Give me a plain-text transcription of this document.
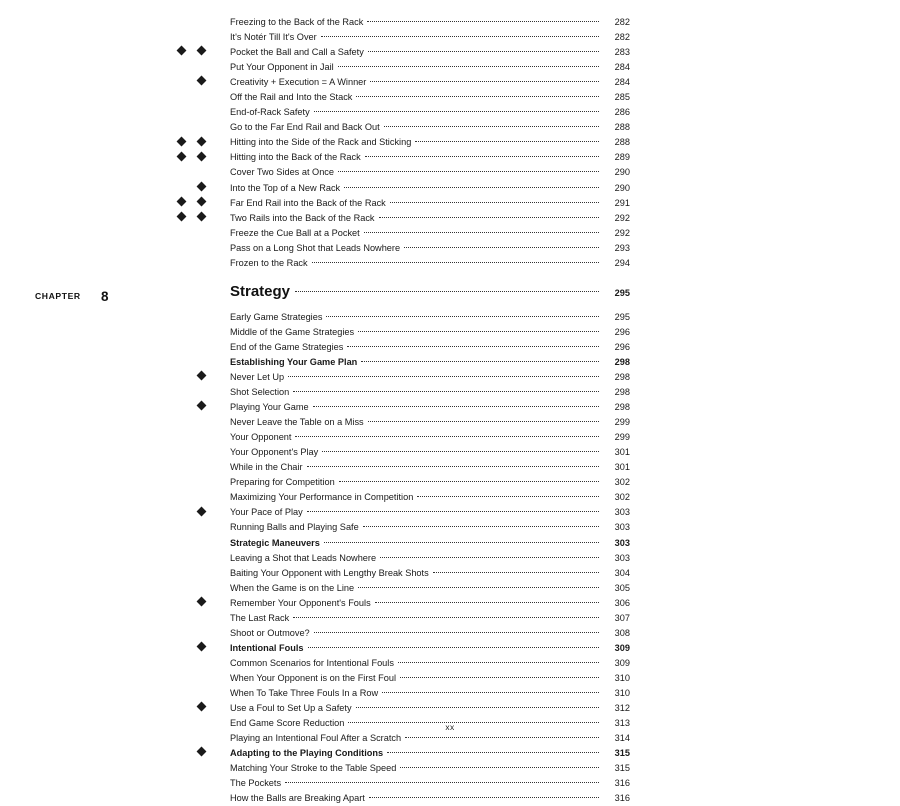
Freezing to the Back of the Rack	282
It's Notér Till It's Over	282
Pocket the Ball and Call a Safety	283
Put Your Opponent in Jail	284
Creativity + Execution = A Winner	284
Off the Rail and Into the Stack	285
End-of-Rack Safety	286
Go to the Far End Rail and Back Out	288
Hitting into the Side of the Rack and Sticking	288
Hitting into the Back of the Rack	289
Cover Two Sides at Once	290
Into the Top of a New Rack	290
Far End Rail into the Back of the Rack	291
Two Rails into the Back of the Rack	292
Freeze the Cue Ball at a Pocket	292
Pass on a Long Shot that Leads Nowhere	293
Frozen to the Rack	294
CHAPTER 8	Strategy	295
Early Game Strategies	295
Middle of the Game Strategies	296
End of the Game Strategies	296
Establishing Your Game Plan	298
Never Let Up	298
Shot Selection	298
Playing Your Game	298
Never Leave the Table on a Miss	299
Your Opponent	299
Your Opponent's Play	301
While in the Chair	301
Preparing for Competition	302
Maximizing Your Performance in Competition	302
Your Pace of Play	303
Running Balls and Playing Safe	303
Strategic Maneuvers	303
Leaving a Shot that Leads Nowhere	303
Baiting Your Opponent with Lengthy Break Shots	304
When the Game is on the Line	305
Remember Your Opponent's Fouls	306
The Last Rack	307
Shoot or Outmove?	308
Intentional Fouls	309
Common Scenarios for Intentional Fouls	309
When Your Opponent is on the First Foul	310
When To Take Three Fouls In a Row	310
Use a Foul to Set Up a Safety	312
End Game Score Reduction	313
Playing an Intentional Foul After a Scratch	314
Adapting to the Playing Conditions	315
Matching Your Stroke to the Table Speed	315
The Pockets	316
How the Balls are Breaking Apart	316
xx
